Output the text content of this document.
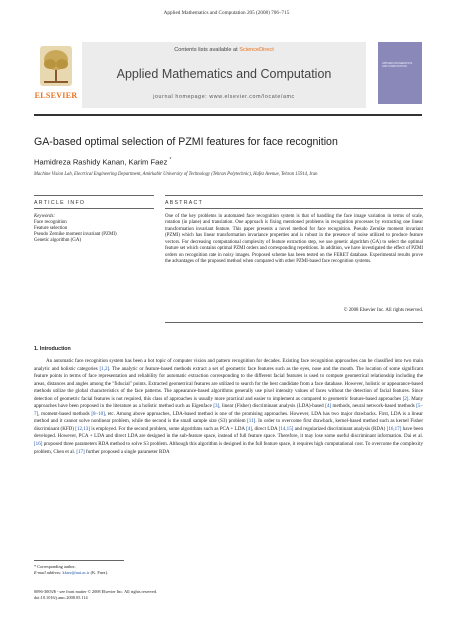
Applied Mathematics and Computation 205 (2008) 706–715
ELSEVIER
Contents lists available at ScienceDirect
Applied Mathematics and Computation
journal homepage: www.elsevier.com/locate/amc
APPLIED MATHEMATICS AND COMPUTATION
GA-based optimal selection of PZMI features for face recognition
Hamidreza Rashidy Kanan, Karim Faez *
Machine Vision Lab, Electrical Engineering Department, Amirkabir University of Technology (Tehran Polytechnic), Hafez Avenue, Tehran 15914, Iran
ARTICLE INFO	ABSTRACT
Keywords:
Face recognition
Feature selection
Pseudo Zernike moment invariant (PZMI)
Genetic algorithm (GA)
One of the key problems in automated face recognition system is that of handling the face image variation in terms of scale, rotation (in plane) and translation. One approach is fixing mentioned problems in recognition processes by extracting one linear transformation invariant feature. This paper presents a novel method for face recognition. Pseudo Zernike moment invariant (PZMI) which has linear transformation invariance properties and is robust in the presence of noise utilized to produce feature vectors. For decreasing computational complexity of feature extraction step, we use genetic algorithm (GA) to select the optimal feature set which contains optimal PZMI orders and corresponding repetitions. In addition, we have investigated the effect of PZMI orders on recognition rate in noisy images. Proposed scheme has been tested on the FERET database. Experimental results prove the advantages of the proposed method when compared with other PZMI-based face recognition systems.
© 2008 Elsevier Inc. All rights reserved.
1. Introduction
An automatic face recognition system has been a hot topic of computer vision and pattern recognition for decades. Existing face recognition approaches can be classified into two main analytic and holistic categories [1,2]. The analytic or feature-based methods extract a set of geometric face features such as the eyes, nose and the mouth. The location of some significant feature points in terms of face representation and reliability for automatic extraction corresponding to the different facial features is used to compute geometrical relationship including the areas, distances and angles among the "fiducial" points. Extracted geometrical features are utilized to search for the best candidate from a face database. However, holistic or appearance-based methods utilize the global characteristics of the face patterns. The appearance-based algorithms generally use pixel intensity values of faces without the detection of facial features. Since detection of geometric facial features is not required, this class of approaches is usually more practical and easier to implement as compared to geometric feature-based approaches [2]. Many approaches have been proposed in the literature as a holistic method such as Eigenface [3], linear (Fisher) discriminant analysis (LDA)-based [4] methods, neural network-based methods [5–7], moment-based methods [8–10], etc. Among above approaches, LDA-based method is one of the promising approaches. However, LDA has two major drawbacks. First, LDA is a linear method and it cannot solve nonlinear problem, while the second is the small sample size (S3) problem [11]. In order to overcome first drawback, kernel-based method such as kernel Fisher discriminant (KFD) [12,13] is employed. For the second problem, some algorithms such as PCA + LDA [4], direct LDA [14,15] and regularized discriminant analysis (RDA) [16,17] have been developed. However, PCA + LDA and direct LDA are designed in the sub-feature space, instead of full feature space. Therefore, it may lose some useful discriminant information. Dai et al. [16] proposed three parameters RDA method to solve S3 problem. Although this algorithm is designed in the full feature space, it requires high computational cost. To overcome the complexity problem, Chen et al. [17] further proposed a single parameter RDA
* Corresponding author.
E-mail address: kfaez@aut.ac.ir (K. Faez).
0096-3003/$ - see front matter © 2008 Elsevier Inc. All rights reserved.
doi:10.1016/j.amc.2008.05.114
